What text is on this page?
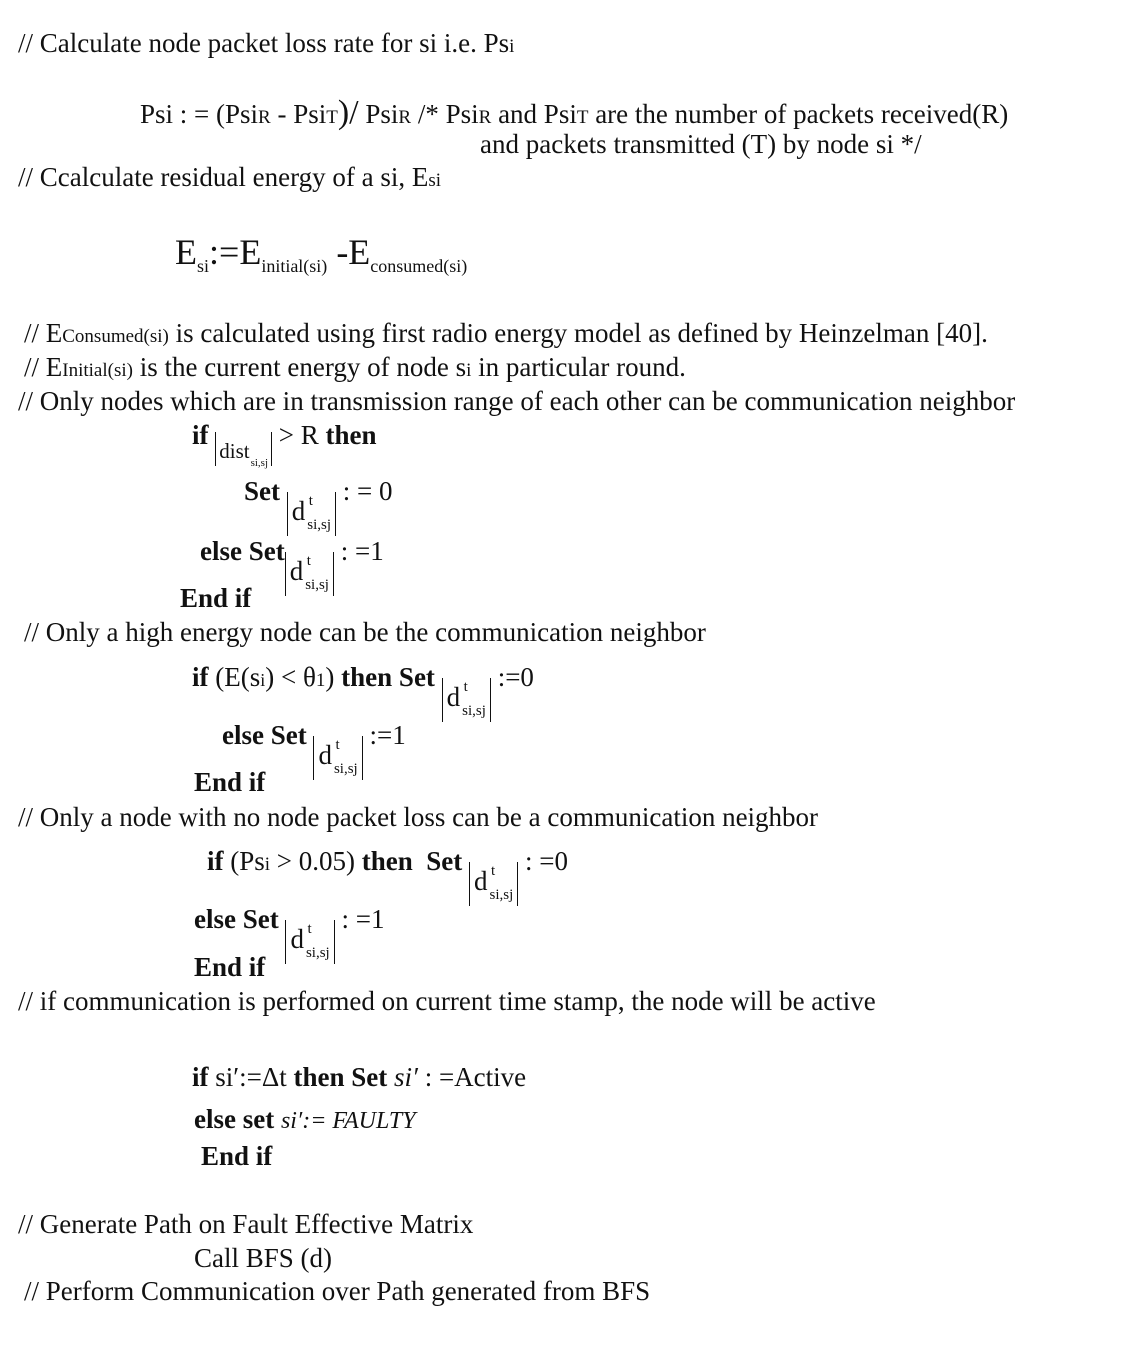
// Calculate node packet loss rate for si i.e. Psi
Psi : = (PsiR - PsiT)/ PsiR /* PsiR and PsiT are the number of packets received(R)
and packets transmitted (T) by node si */
// Ccalculate residual energy of a si, Esi
$E_{si}:=E_{initial(si)}$ $-E_{consumed(si)}$
// EConsumed(si) is calculated using first radio energy model as defined by Heinzelman [40].
// EInitial(si) is the current energy of node si in particular round.
// Only nodes which are in transmission range of each other can be communication neighbor
if dist$_{si,sj}$ > R then
Set d t
$_{si,sj}$ : = 0
else Setd t
$_{si,sj}$ : =1
End if
// Only a high energy node can be the communication neighbor
if (E(si) < θ1) then Set d t
$_{si,sj}$ :=0
else Set d t
$_{si,sj}$ :=1
End if
// Only a node with no node packet loss can be a communication neighbor
if (Psi > 0.05) then Set d t
$_{si,sj}$ : =0
else Set d t
$_{si,sj}$ : =1
End if
// if communication is performed on current time stamp, the node will be active
if si′:=Δt then Set si′ : =Active
else set si′:= FAULTY
End if
// Generate Path on Fault Effective Matrix
Call BFS (d)
// Perform Communication over Path generated from BFS
